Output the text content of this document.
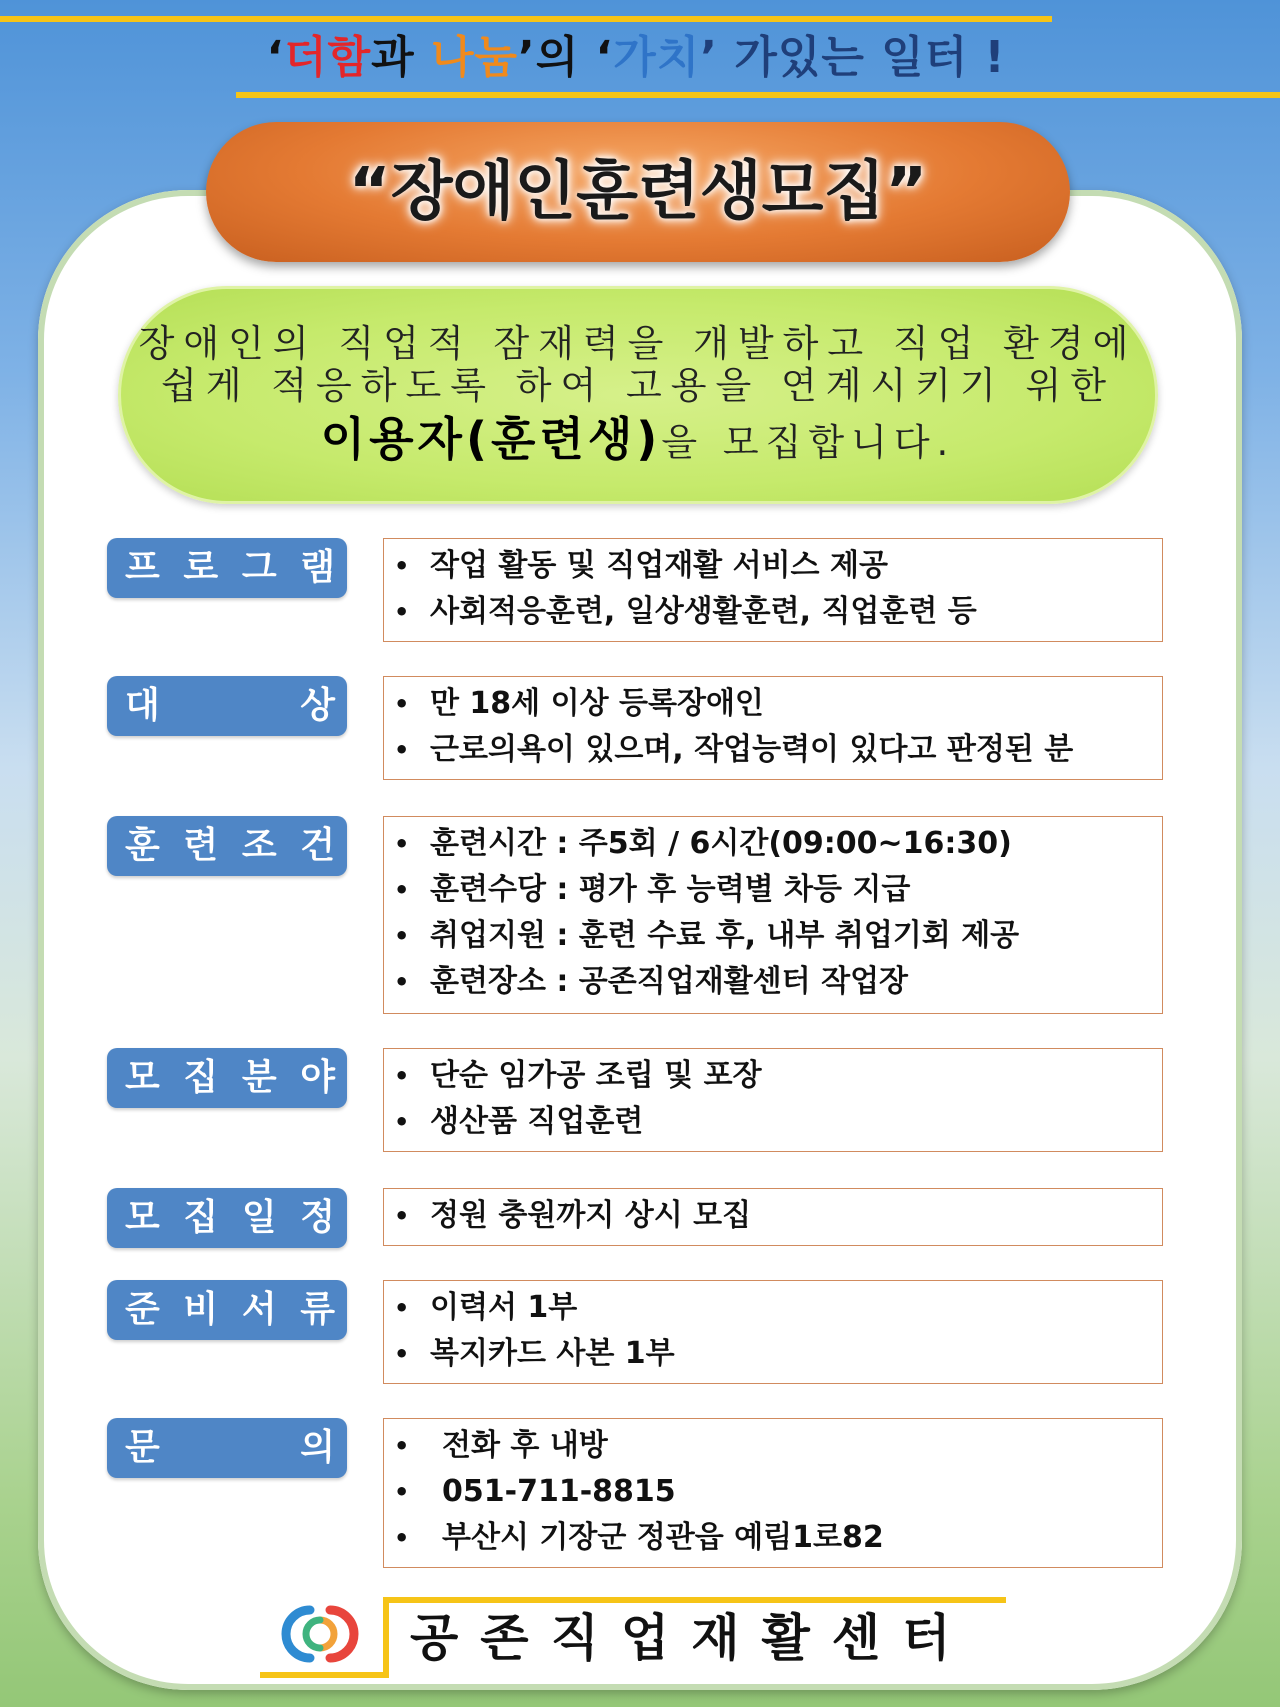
‘더함과 나눔’의 ‘가치’ 가있는 일터 !
“장애인훈련생모집”
장애인의 직업적 잠재력을 개발하고 직업 환경에
쉽게 적응하도록 하여 고용을 연계시키기 위한
이용자(훈련생)을 모집합니다.
프 로 그 램 • 작업 활동 및 직업재활 서비스 제공
• 사회적응훈련, 일상생활훈련, 직업훈련 등
대	상 • 만 18세 이상 등록장애인
• 근로의욕이 있으며, 작업능력이 있다고 판정된 분
훈 련 조 건 • 훈련시간 : 주5회 / 6시간(09:00~16:30)
• 훈련수당 : 평가 후 능력별 차등 지급
• 취업지원 : 훈련 수료 후, 내부 취업기회 제공
• 훈련장소 : 공존직업재활센터 작업장
모 집 분 야 • 단순 임가공 조립 및 포장
• 생산품 직업훈련
모 집 일 정 • 정원 충원까지 상시 모집
준 비 서 류 • 이력서 1부
• 복지카드 사본 1부
문	의 •	전화 후 내방
•	051-711-8815
•	부산시 기장군 정관읍 예림1로82
공존직업재활센터
